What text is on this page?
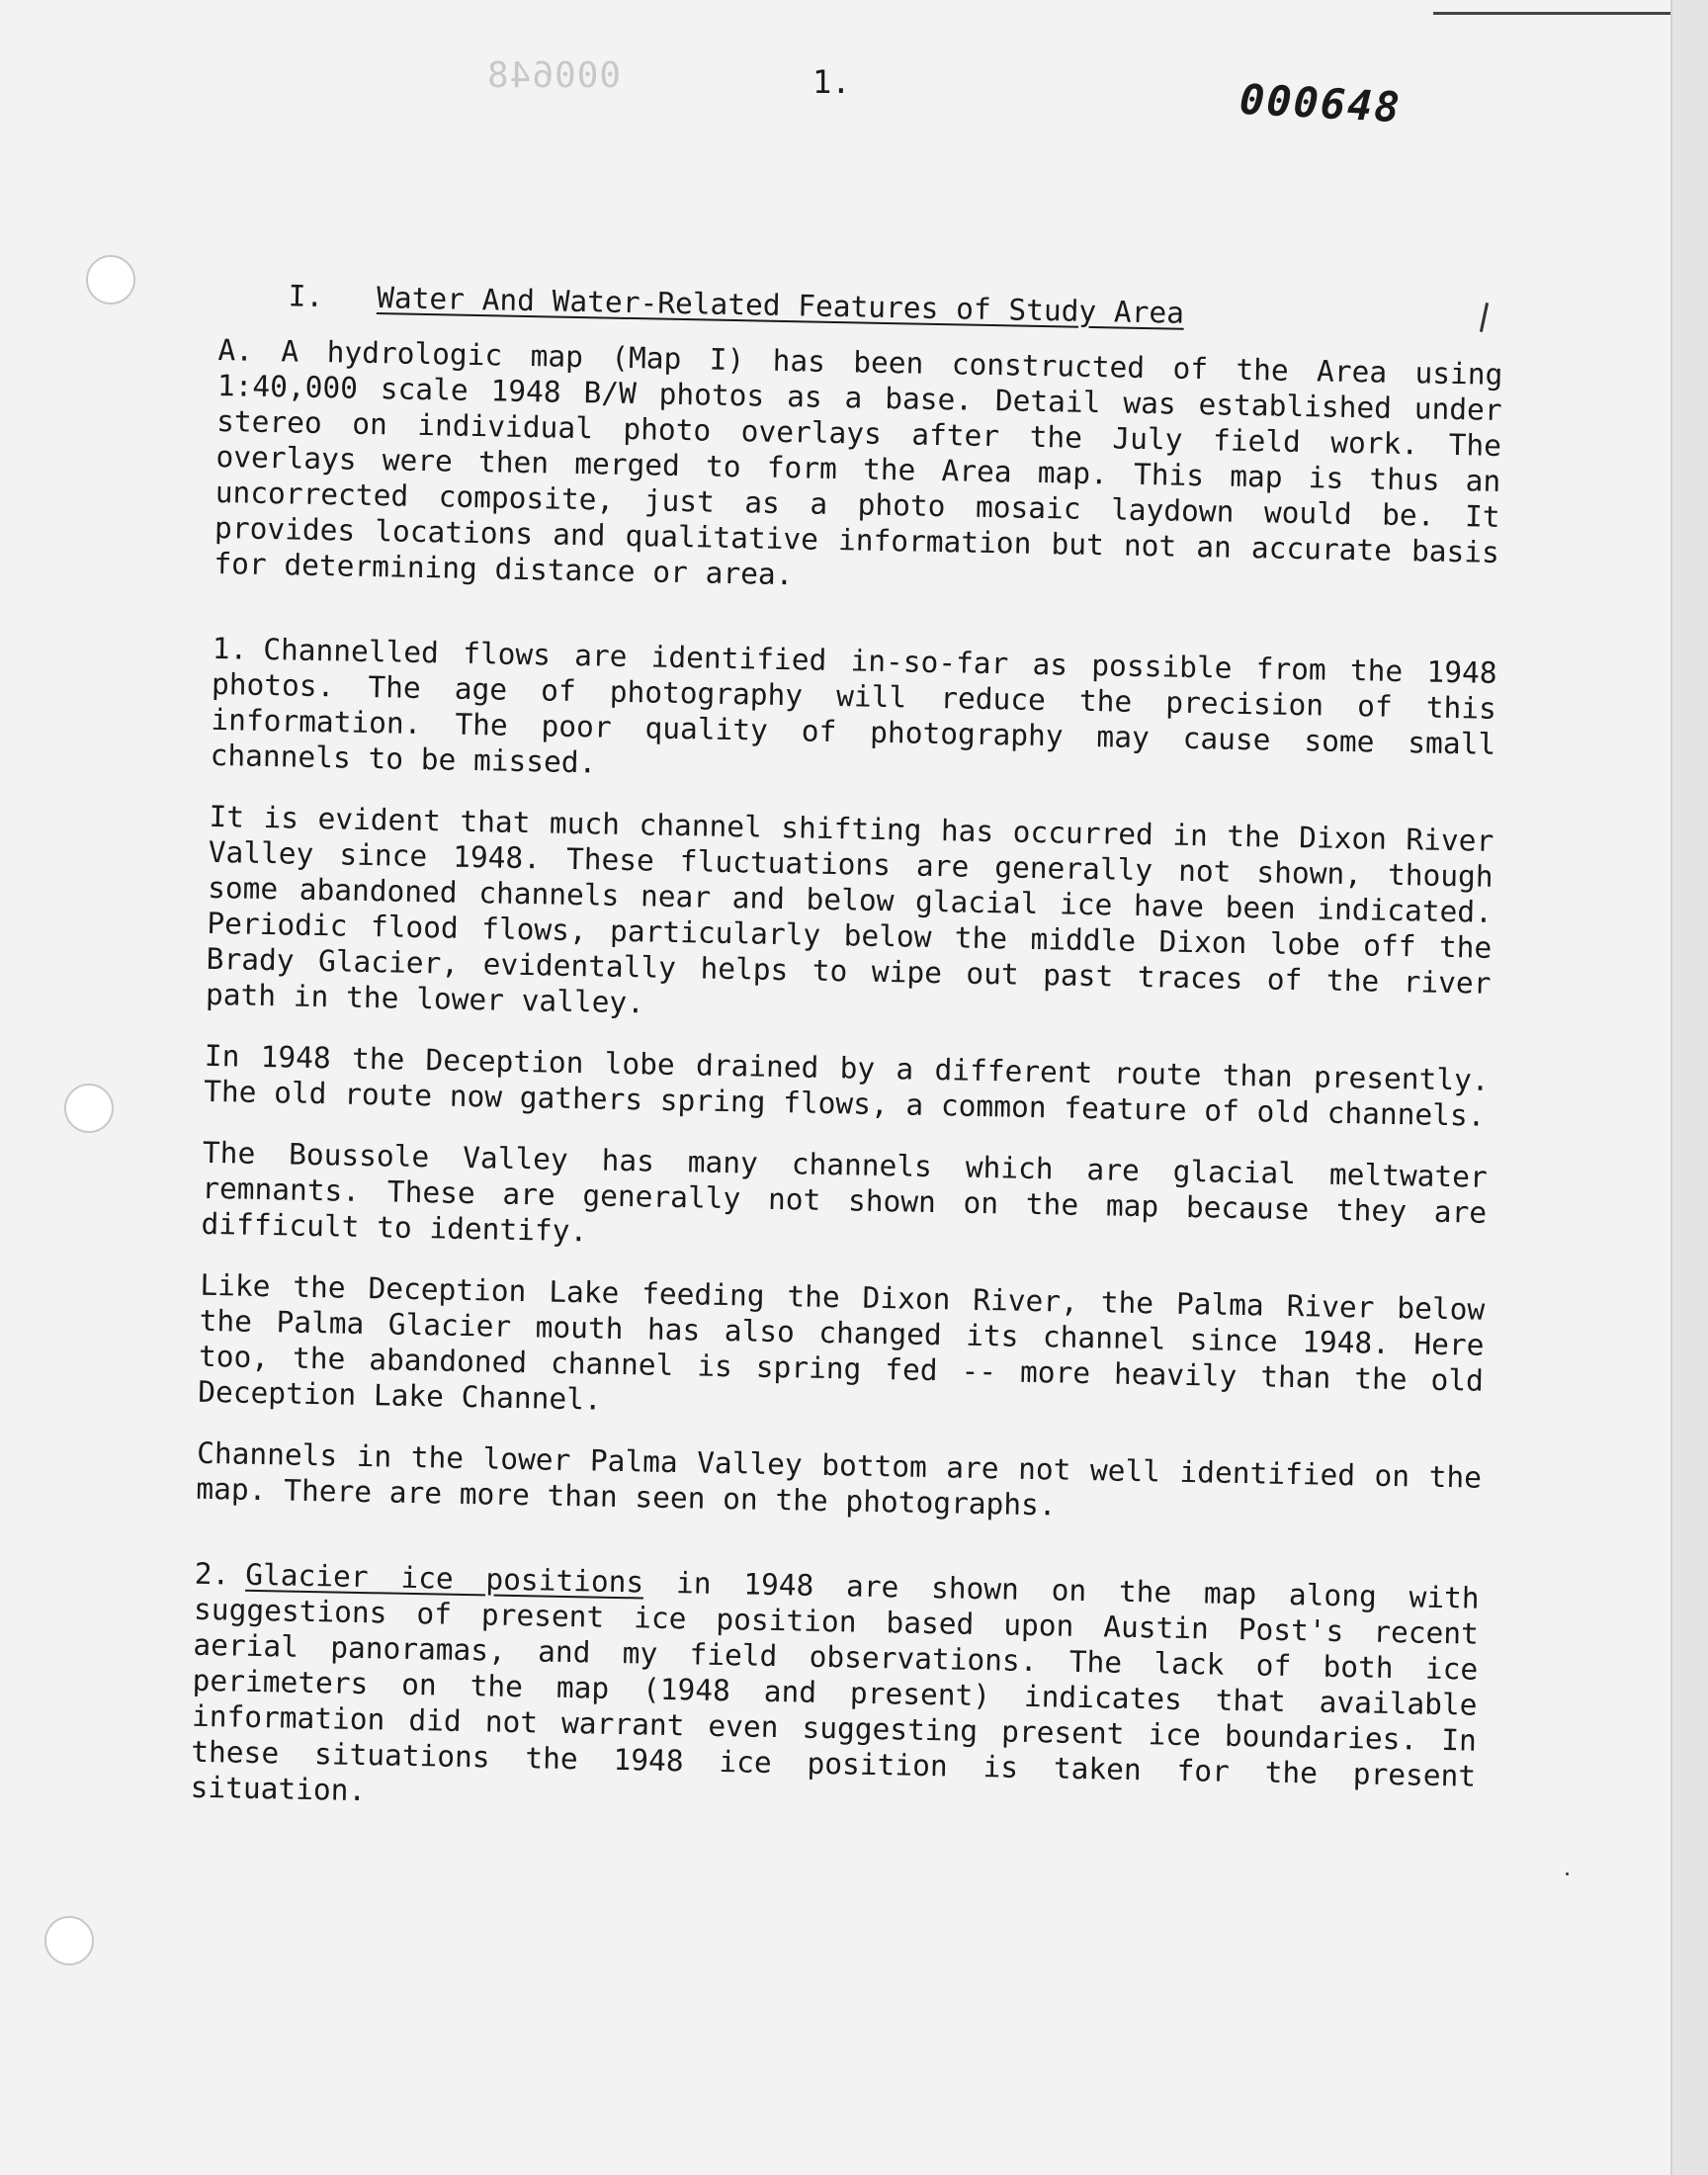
000648	1.	000648
I. Water And Water-Related Features of Study Area

A. A hydrologic map (Map I) has been constructed of the Area using 1:40,000 scale 1948 B/W photos as a base. Detail was established under stereo on individual photo overlays after the July field work. The overlays were then merged to form the Area map. This map is thus an uncorrected composite, just as a photo mosaic laydown would be. It provides locations and qualitative information but not an accurate basis for determining distance or area.

1. Channelled flows are identified in-so-far as possible from the 1948 photos. The age of photography will reduce the precision of this information. The poor quality of photography may cause some small channels to be missed.

It is evident that much channel shifting has occurred in the Dixon River Valley since 1948. These fluctuations are generally not shown, though some abandoned channels near and below glacial ice have been indicated. Periodic flood flows, particularly below the middle Dixon lobe off the Brady Glacier, evidentally helps to wipe out past traces of the river path in the lower valley.

In 1948 the Deception lobe drained by a different route than presently. The old route now gathers spring flows, a common feature of old channels.

The Boussole Valley has many channels which are glacial meltwater remnants. These are generally not shown on the map because they are difficult to identify.

Like the Deception Lake feeding the Dixon River, the Palma River below the Palma Glacier mouth has also changed its channel since 1948. Here too, the abandoned channel is spring fed -- more heavily than the old Deception Lake Channel.

Channels in the lower Palma Valley bottom are not well identified on the map. There are more than seen on the photographs.

2. Glacier ice positions in 1948 are shown on the map along with suggestions of present ice position based upon Austin Post's recent aerial panoramas, and my field observations. The lack of both ice perimeters on the map (1948 and present) indicates that available information did not warrant even suggesting present ice boundaries. In these situations the 1948 ice position is taken for the present situation.
